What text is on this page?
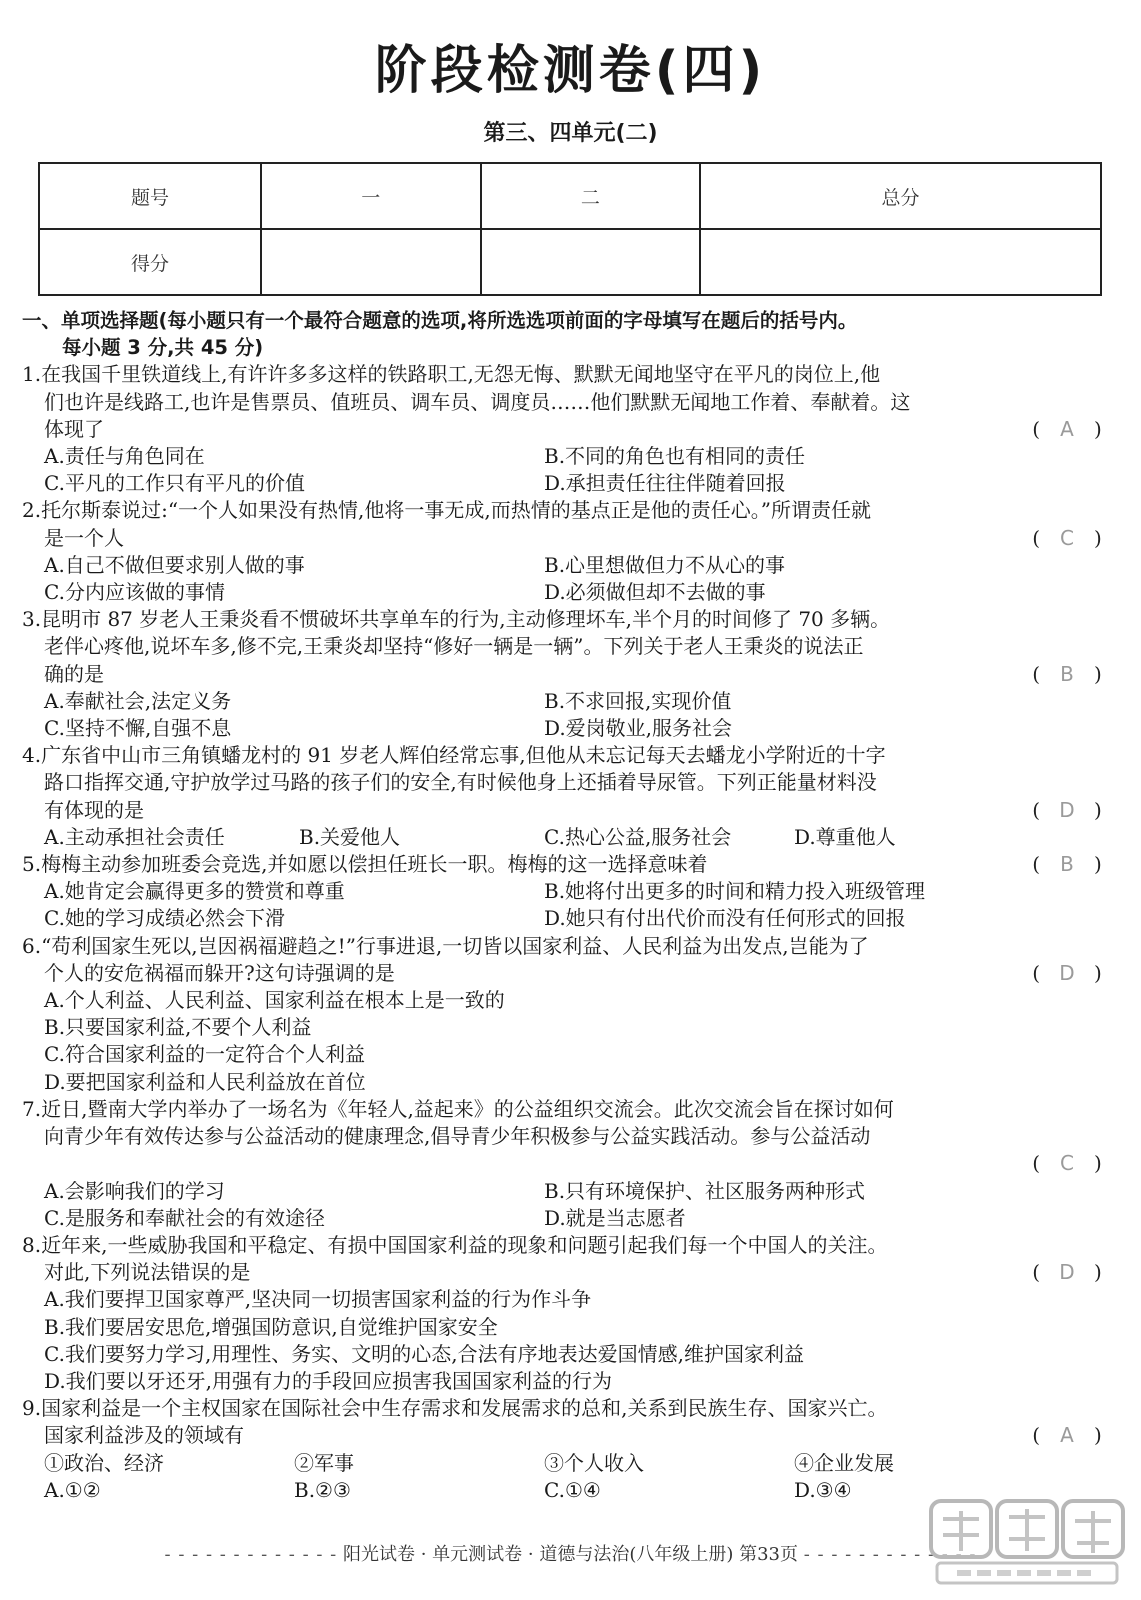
阶段检测卷(四)
第三、四单元(二)
题号	一	二	总分
得分			
一、单项选择题(每小题只有一个最符合题意的选项,将所选选项前面的字母填写在题后的括号内。
每小题 3 分,共 45 分)
1.在我国千里铁道线上,有许许多多这样的铁路职工,无怨无悔、默默无闻地坚守在平凡的岗位上,他
们也许是线路工,也许是售票员、值班员、调车员、调度员……他们默默无闻地工作着、奉献着。这
体现了	( A )
A.责任与角色同在	B.不同的角色也有相同的责任
C.平凡的工作只有平凡的价值	D.承担责任往往伴随着回报
2.托尔斯泰说过:“一个人如果没有热情,他将一事无成,而热情的基点正是他的责任心。”所谓责任就
是一个人	( C )
A.自己不做但要求别人做的事	B.心里想做但力不从心的事
C.分内应该做的事情	D.必须做但却不去做的事
3.昆明市 87 岁老人王秉炎看不惯破坏共享单车的行为,主动修理坏车,半个月的时间修了 70 多辆。
老伴心疼他,说坏车多,修不完,王秉炎却坚持“修好一辆是一辆”。下列关于老人王秉炎的说法正
确的是	( B )
A.奉献社会,法定义务	B.不求回报,实现价值
C.坚持不懈,自强不息	D.爱岗敬业,服务社会
4.广东省中山市三角镇蟠龙村的 91 岁老人辉伯经常忘事,但他从未忘记每天去蟠龙小学附近的十字
路口指挥交通,守护放学过马路的孩子们的安全,有时候他身上还插着导尿管。下列正能量材料没
有体现的是	( D )
A.主动承担社会责任	B.关爱他人	C.热心公益,服务社会	D.尊重他人
5.梅梅主动参加班委会竞选,并如愿以偿担任班长一职。梅梅的这一选择意味着	( B )
A.她肯定会赢得更多的赞赏和尊重	B.她将付出更多的时间和精力投入班级管理
C.她的学习成绩必然会下滑	D.她只有付出代价而没有任何形式的回报
6.“苟利国家生死以,岂因祸福避趋之!”行事进退,一切皆以国家利益、人民利益为出发点,岂能为了
个人的安危祸福而躲开?这句诗强调的是	( D )
A.个人利益、人民利益、国家利益在根本上是一致的
B.只要国家利益,不要个人利益
C.符合国家利益的一定符合个人利益
D.要把国家利益和人民利益放在首位
7.近日,暨南大学内举办了一场名为《年轻人,益起来》的公益组织交流会。此次交流会旨在探讨如何
向青少年有效传达参与公益活动的健康理念,倡导青少年积极参与公益实践活动。参与公益活动
( C )
A.会影响我们的学习	B.只有环境保护、社区服务两种形式
C.是服务和奉献社会的有效途径	D.就是当志愿者
8.近年来,一些威胁我国和平稳定、有损中国国家利益的现象和问题引起我们每一个中国人的关注。
对此,下列说法错误的是	( D )
A.我们要捍卫国家尊严,坚决同一切损害国家利益的行为作斗争
B.我们要居安思危,增强国防意识,自觉维护国家安全
C.我们要努力学习,用理性、务实、文明的心态,合法有序地表达爱国情感,维护国家利益
D.我们要以牙还牙,用强有力的手段回应损害我国国家利益的行为
9.国家利益是一个主权国家在国际社会中生存需求和发展需求的总和,关系到民族生存、国家兴亡。
国家利益涉及的领域有	( A )
①政治、经济	②军事	③个人收入	④企业发展
A.①②	B.②③	C.①④	D.③④
- - - - - - - - - - - - - 阳光试卷 · 单元测试卷 · 道德与法治(八年级上册) 第33页 - - - - - - - - - - - - -
